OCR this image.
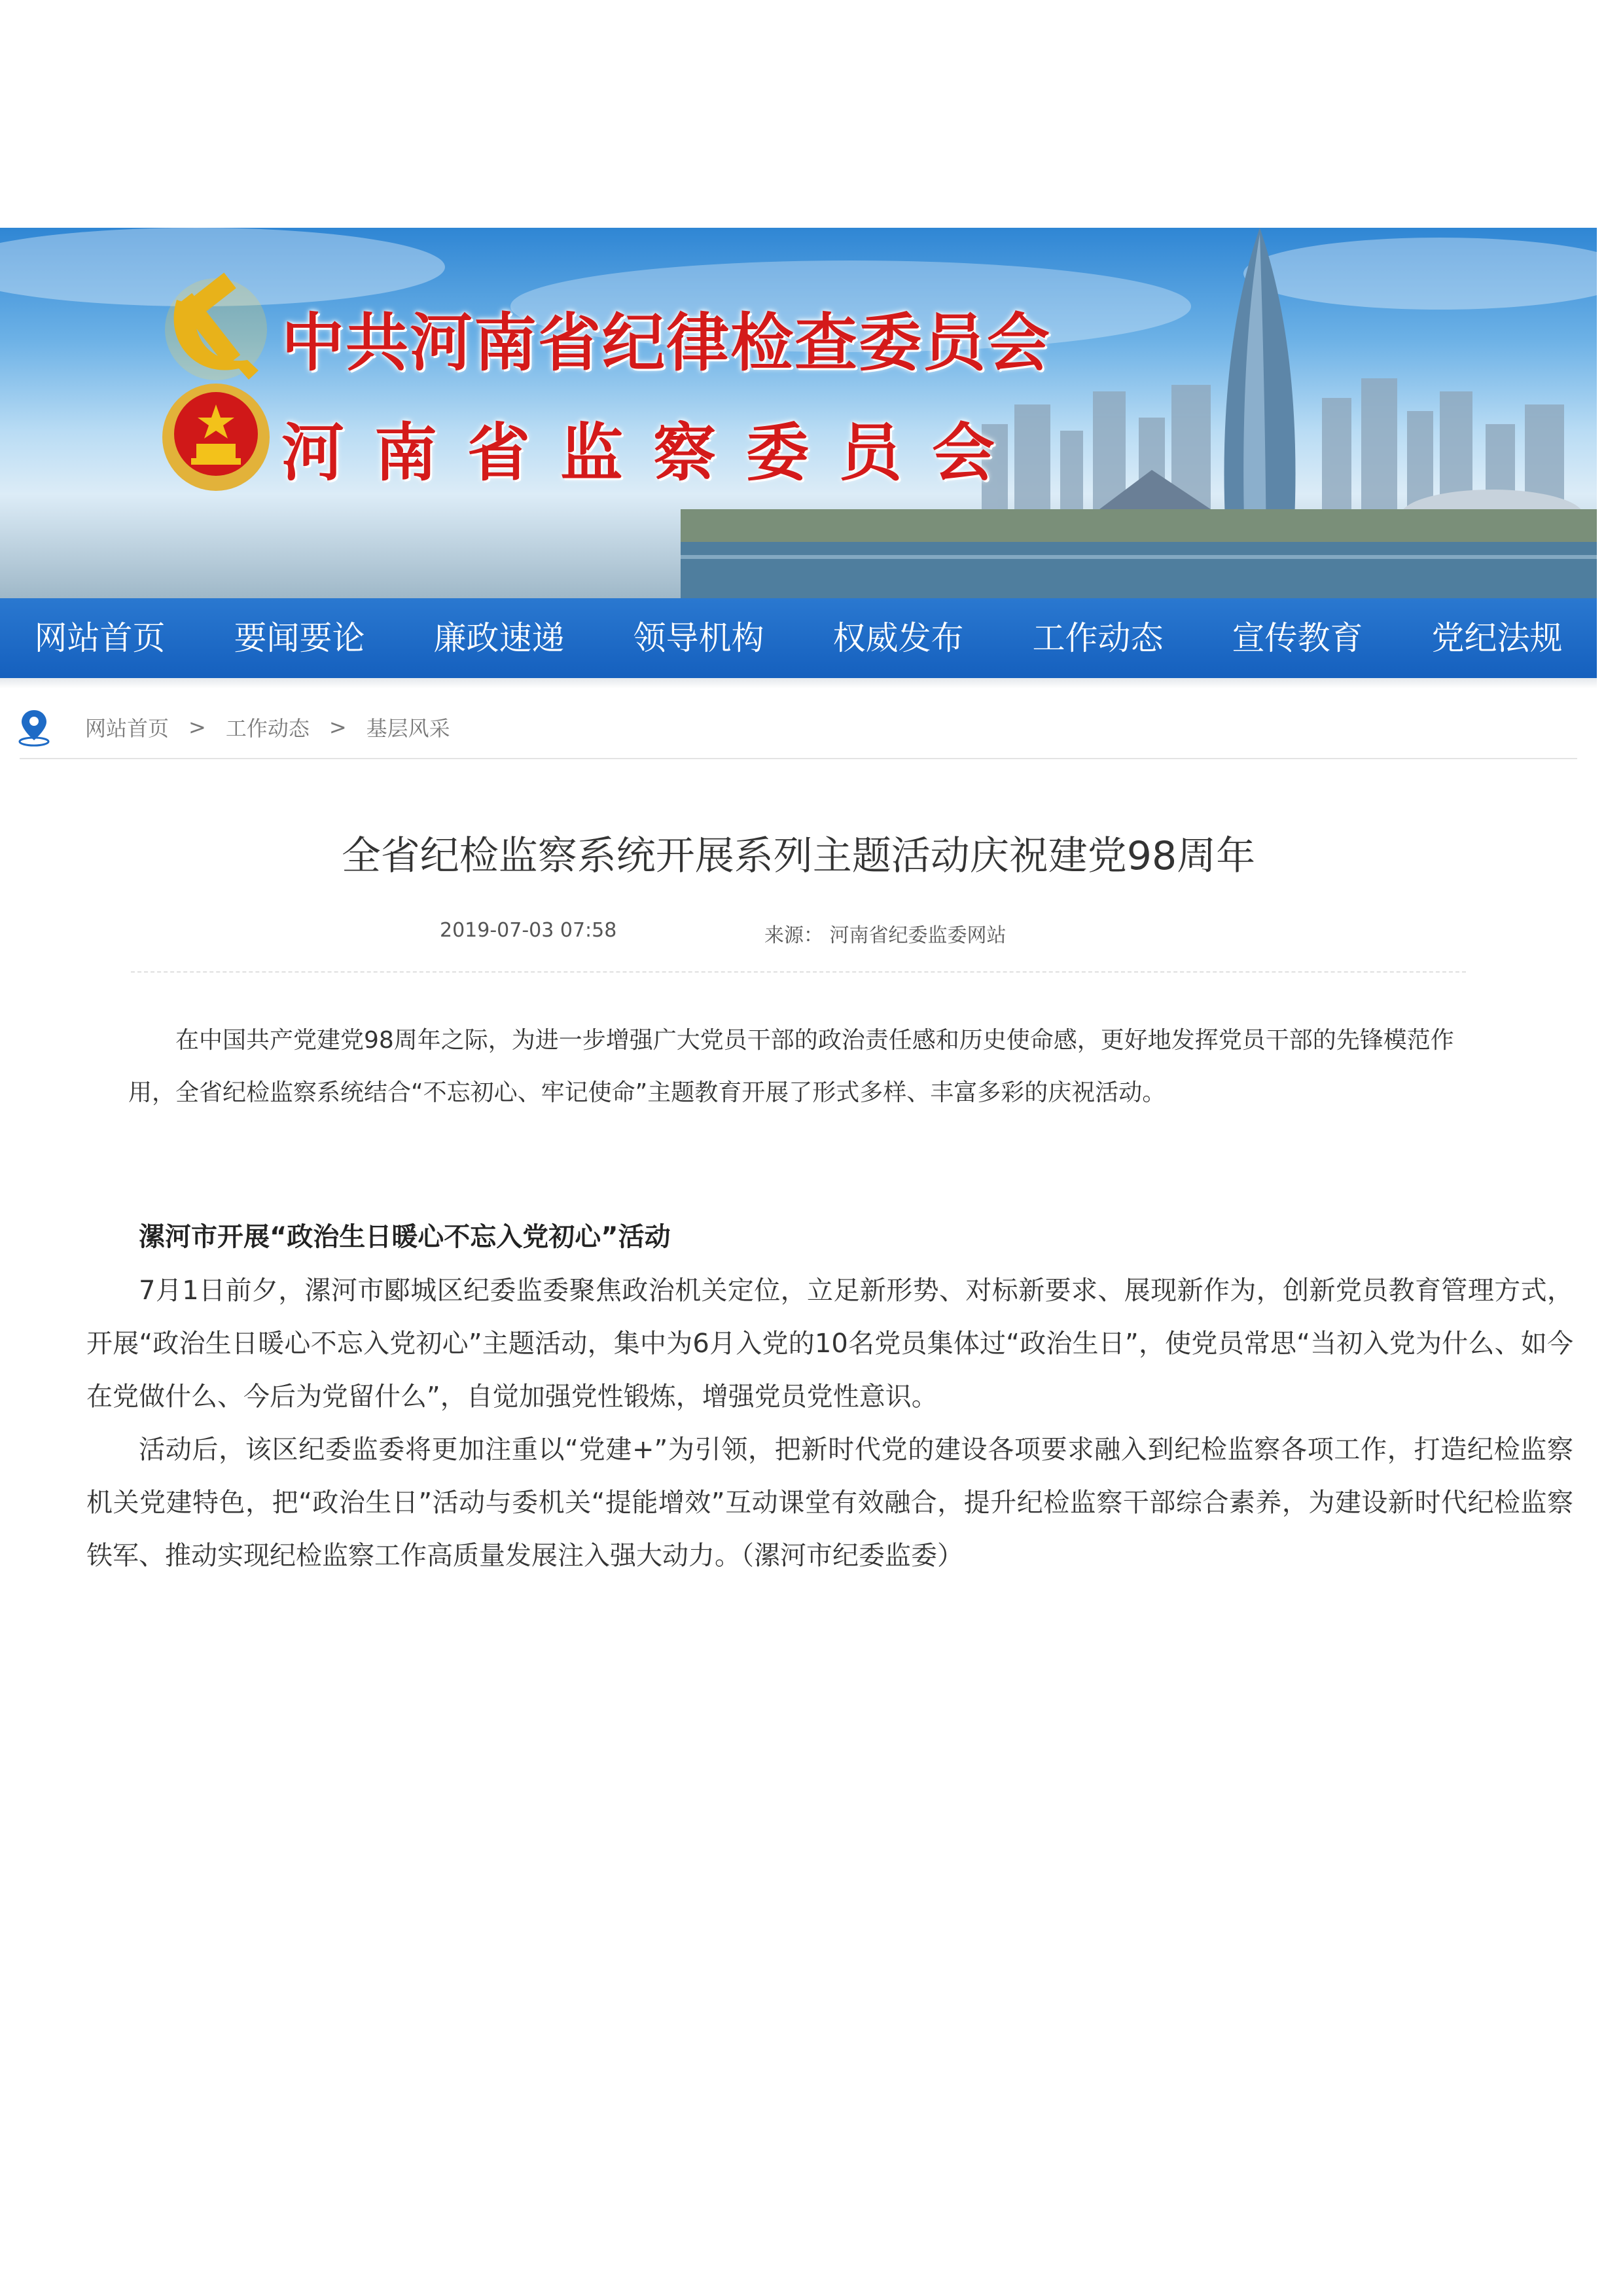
中共河南省纪律检查委员会
河南省监察委员会
网站首页	要闻要论	廉政速递	领导机构	权威发布	工作动态	宣传教育	党纪法规
网站首页 > 工作动态 > 基层风采
全省纪检监察系统开展系列主题活动庆祝建党98周年
2019-07-03 07:58	来源： 河南省纪委监委网站
在中国共产党建党98周年之际，为进一步增强广大党员干部的政治责任感和历史使命感，更好地发挥党员干部的先锋模范作用，全省纪检监察系统结合“不忘初心、牢记使命”主题教育开展了形式多样、丰富多彩的庆祝活动。
漯河市开展“政治生日暖心不忘入党初心”活动
7月1日前夕，漯河市郾城区纪委监委聚焦政治机关定位，立足新形势、对标新要求、展现新作为，创新党员教育管理方式，开展“政治生日暖心不忘入党初心”主题活动，集中为6月入党的10名党员集体过“政治生日”，使党员常思“当初入党为什么、如今在党做什么、今后为党留什么”，自觉加强党性锻炼，增强党员党性意识。
活动后，该区纪委监委将更加注重以“党建+”为引领，把新时代党的建设各项要求融入到纪检监察各项工作，打造纪检监察机关党建特色，把“政治生日”活动与委机关“提能增效”互动课堂有效融合，提升纪检监察干部综合素养，为建设新时代纪检监察铁军、推动实现纪检监察工作高质量发展注入强大动力。（漯河市纪委监委）
